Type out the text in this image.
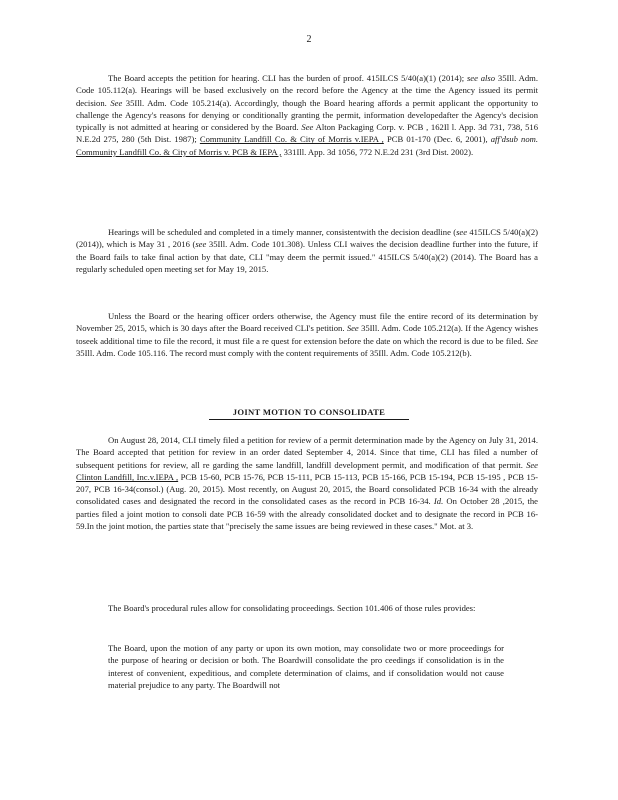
2

The Board accepts the petition for hearing. CLI has the burden of proof. 415ILCS 5/40(a)(1) (2014); see also 35Ill. Adm. Code 105.112(a). Hearings will be based exclusively on the record before the Agency at the time the Agency issued its permit decision. See 35Ill. Adm. Code 105.214(a). Accordingly, though the Board hearing affords a permit applicant the opportunity to challenge the Agency's reasons for denying or conditionally granting the permit, information developedafter the Agency's decision typically is not admitted at hearing or considered by the Board. See Alton Packaging Corp. v. PCB , 162Il l. App. 3d 731, 738, 516 N.E.2d 275, 280 (5th Dist. 1987); Community Landfill Co. & City of Morris v.IEPA , PCB 01-170 (Dec. 6, 2001), aff'dsub nom. Community Landfill Co. & City of Morris v. PCB & IEPA , 331Ill. App. 3d 1056, 772 N.E.2d 231 (3rd Dist. 2002).

Hearings will be scheduled and completed in a timely manner, consistentwith the decision deadline (see 415ILCS 5/40(a)(2) (2014)), which is May 31 , 2016 (see 35Ill. Adm. Code 101.308). Unless CLI waives the decision deadline further into the future, if the Board fails to take final action by that date, CLI "may deem the permit issued." 415ILCS 5/40(a)(2) (2014). The Board has a regularly scheduled open meeting set for May 19, 2015.

Unless the Board or the hearing officer orders otherwise, the Agency must file the entire record of its determination by November 25, 2015, which is 30 days after the Board received CLI's petition. See 35Ill. Adm. Code 105.212(a). If the Agency wishes toseek additional time to file the record, it must file a re quest for extension before the date on which the record is due to be filed. See 35Ill. Adm. Code 105.116. The record must comply with the content requirements of 35Ill. Adm. Code 105.212(b).

JOINT MOTION TO CONSOLIDATE

On August 28, 2014, CLI timely filed a petition for review of a permit determination made by the Agency on July 31, 2014. The Board accepted that petition for review in an order dated September 4, 2014. Since that time, CLI has filed a number of subsequent petitions for review, all re garding the same landfill, landfill development permit, and modification of that permit. See Clinton Landfill, Inc.v.IEPA , PCB 15-60, PCB 15-76, PCB 15-111, PCB 15-113, PCB 15-166, PCB 15-194, PCB 15-195 , PCB 15-207, PCB 16-34(consol.) (Aug. 20, 2015). Most recently, on August 20, 2015, the Board consolidated PCB 16-34 with the already consolidated cases and designated the record in the consolidated cases as the record in PCB 16-34. Id. On October 28 ,2015, the parties filed a joint motion to consoli date PCB 16-59 with the already consolidated docket and to designate the record in PCB 16-59.In the joint motion, the parties state that "precisely the same issues are being reviewed in these cases." Mot. at 3.

The Board's procedural rules allow for consolidating proceedings. Section 101.406 of those rules provides:

The Board, upon the motion of any party or upon its own motion, may consolidate two or more proceedings for the purpose of hearing or decision or both. The Boardwill consolidate the pro ceedings if consolidation is in the interest of convenient, expeditious, and complete determination of claims, and if consolidation would not cause material prejudice to any party. The Boardwill not
